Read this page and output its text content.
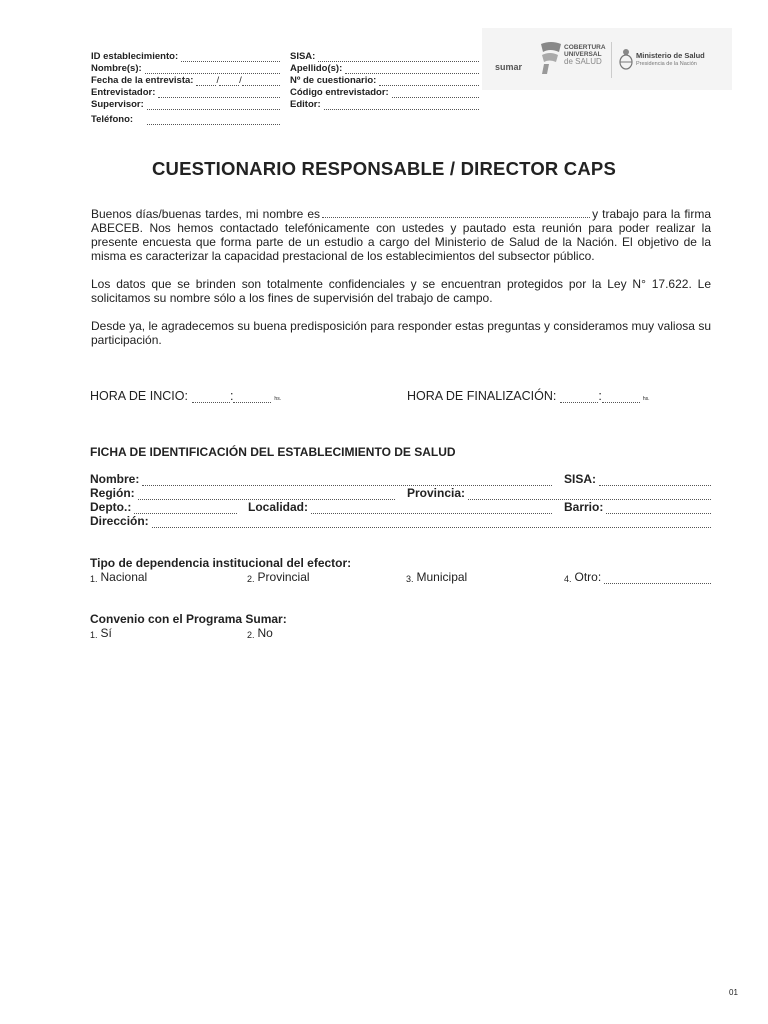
ID establecimiento:
Nombre(s):
Fecha de la entrevista: / /
Entrevistador:
Supervisor:
Teléfono:
SISA:
Apellido(s):
Nº de cuestionario:
Código entrevistador:
Editor:
sumar
COBERTURA
UNIVERSAL
de SALUD
Ministerio de Salud
Presidencia de la Nación
CUESTIONARIO RESPONSABLE / DIRECTOR CAPS

Buenos días/buenas tardes, mi nombre es	y trabajo para la firma ABECEB. Nos hemos contactado telefónicamente con ustedes y pautado esta reunión para poder realizar la presente encuesta que forma parte de un estudio a cargo del Ministerio de Salud de la Nación. El objetivo de la misma es caracterizar la capacidad prestacional de los establecimientos del subsector público.

Los datos que se brinden son totalmente confidenciales y se encuentran protegidos por la Ley N° 17.622. Le solicitamos su nombre sólo a los fines de supervisión del trabajo de campo.

Desde ya, le agradecemos su buena predisposición para responder estas preguntas y consideramos muy valiosa su participación.

HORA DE INCIO:	:	hs.	HORA DE FINALIZACIÓN:	:	hs.
FICHA DE IDENTIFICACIÓN DEL ESTABLECIMIENTO DE SALUD
Nombre:	SISA:
Región:	Provincia:
Depto.:	Localidad:	Barrio:
Dirección:
Tipo de dependencia institucional del efector:
1. Nacional	2. Provincial	3. Municipal	4. Otro:
Convenio con el Programa Sumar:
1. Sí	2. No
01
